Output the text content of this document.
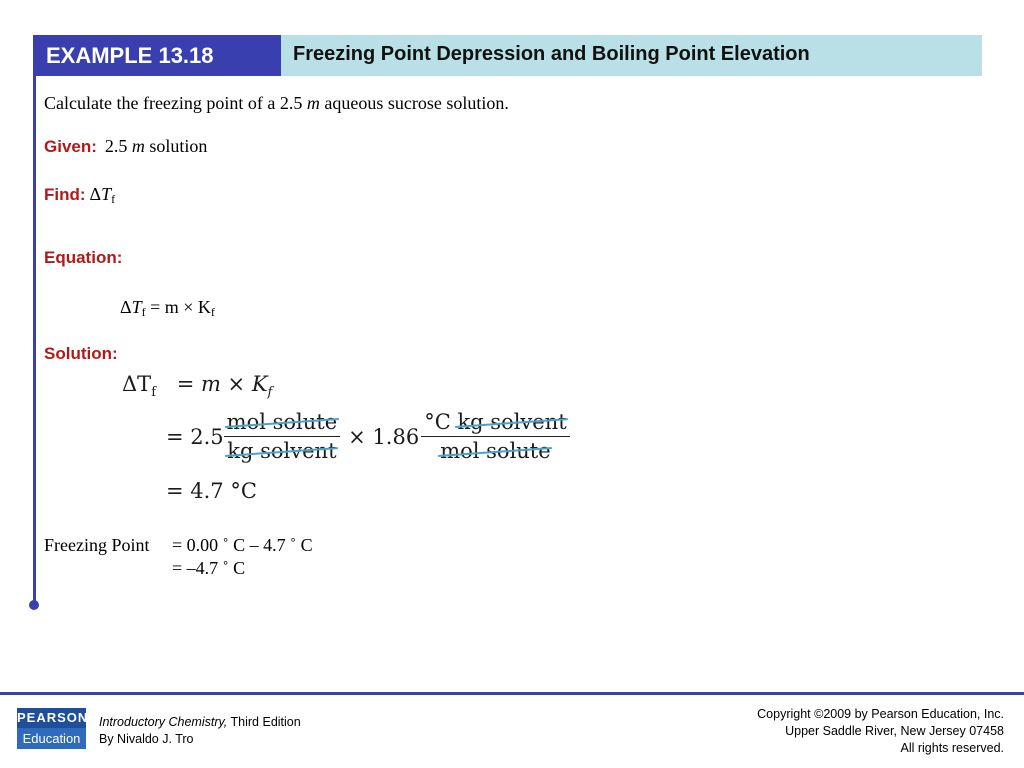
EXAMPLE 13.18	Freezing Point Depression and Boiling Point Elevation
Calculate the freezing point of a 2.5 m aqueous sucrose solution.
Given: 2.5 m solution
Find: $\Delta T_f$
Equation:
$\Delta T_f = m \times K_f$
Solution:
$\Delta T_f = m \times K_f$
= $2.5 \frac{\text{mol solute}}{\text{kg solvent}} \times 1.86 \frac{\text{°C kg solvent}}{\text{mol solute}}$
= 4.7 °C
Freezing Point = 0.00 ˚ C – 4.7 ˚ C
= –4.7 ˚ C
PEARSON
Education
Introductory Chemistry, Third Edition
By Nivaldo J. Tro
Copyright ©2009 by Pearson Education, Inc.
Upper Saddle River, New Jersey 07458
All rights reserved.
